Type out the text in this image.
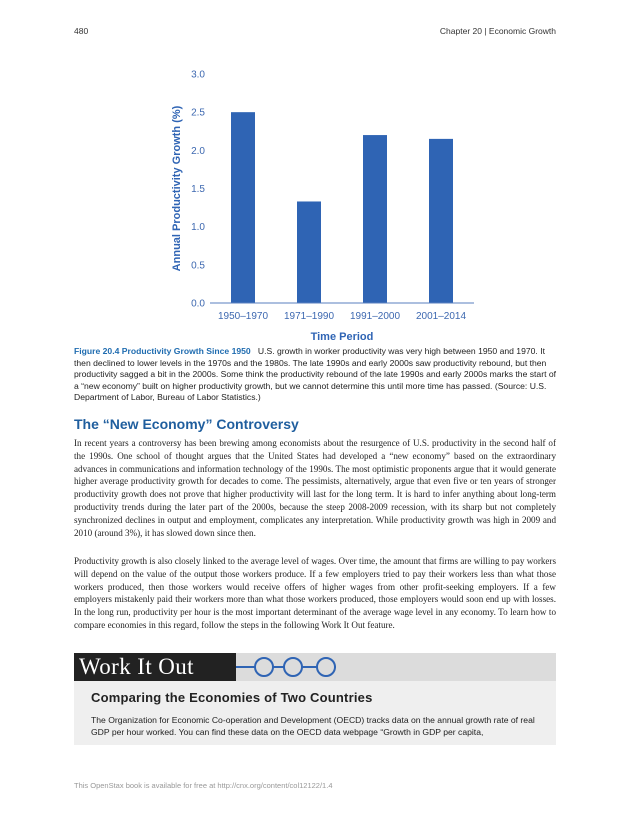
480	Chapter 20 | Economic Growth
0.0
0.5
1.0
1.5
2.0
2.5
3.0
1950–1970 1971–1990 1991–2000 2001–2014
Time Period
Annual Productivity Growth (%)
Figure 20.4 Productivity Growth Since 1950 U.S. growth in worker productivity was very high between 1950 and 1970. It then declined to lower levels in the 1970s and the 1980s. The late 1990s and early 2000s saw productivity rebound, but then productivity sagged a bit in the 2000s. Some think the productivity rebound of the late 1990s and early 2000s marks the start of a “new economy” built on higher productivity growth, but we cannot determine this until more time has passed. (Source: U.S. Department of Labor, Bureau of Labor Statistics.)
The “New Economy” Controversy

In recent years a controversy has been brewing among economists about the resurgence of U.S. productivity in the second half of the 1990s. One school of thought argues that the United States had developed a “new economy” based on the extraordinary advances in communications and information technology of the 1990s. The most optimistic proponents argue that it would generate higher average productivity growth for decades to come. The pessimists, alternatively, argue that even five or ten years of stronger productivity growth does not prove that higher productivity will last for the long term. It is hard to infer anything about long-term productivity trends during the later part of the 2000s, because the steep 2008-2009 recession, with its sharp but not completely synchronized declines in output and employment, complicates any interpretation. While productivity growth was high in 2009 and 2010 (around 3%), it has slowed down since then.

Productivity growth is also closely linked to the average level of wages. Over time, the amount that firms are willing to pay workers will depend on the value of the output those workers produce. If a few employers tried to pay their workers less than what those workers produced, then those workers would receive offers of higher wages from other profit-seeking employers. If a few employers mistakenly paid their workers more than what those workers produced, those employers would soon end up with losses. In the long run, productivity per hour is the most important determinant of the average wage level in any economy. To learn how to compare economies in this regard, follow the steps in the following Work It Out feature.

Work It Out
Comparing the Economies of Two Countries
The Organization for Economic Co-operation and Development (OECD) tracks data on the annual growth rate of real GDP per hour worked. You can find these data on the OECD data webpage “Growth in GDP per capita,
This OpenStax book is available for free at http://cnx.org/content/col12122/1.4
